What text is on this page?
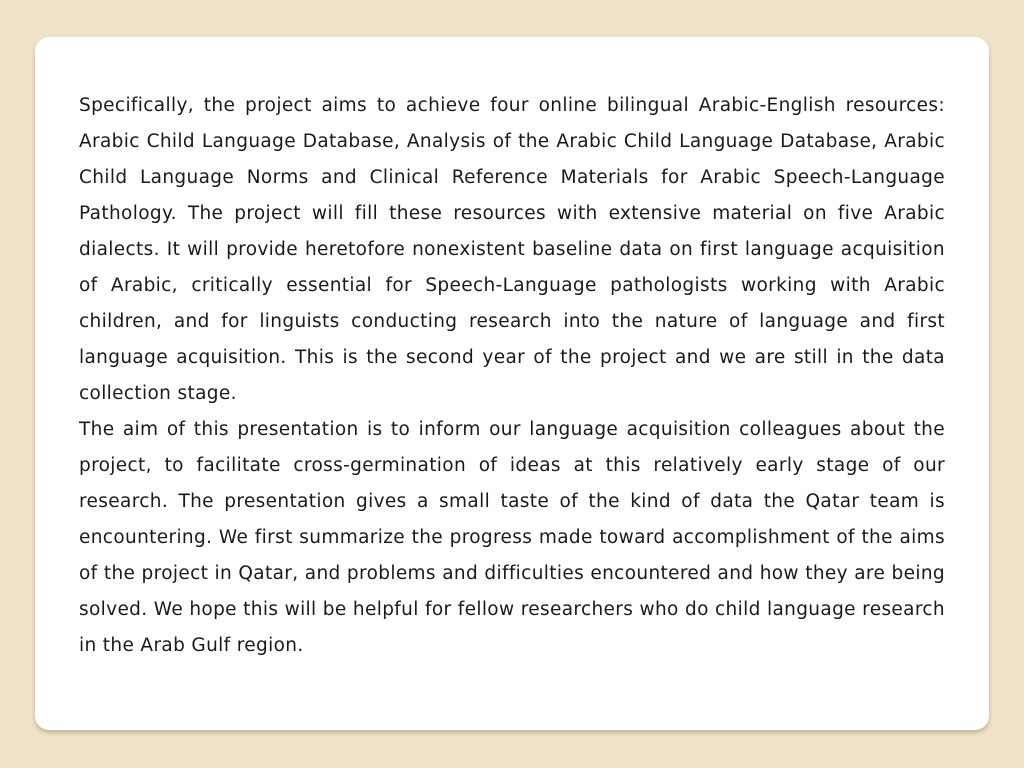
Specifically, the project aims to achieve four online bilingual Arabic-English resources: Arabic Child Language Database, Analysis of the Arabic Child Language Database, Arabic Child Language Norms and Clinical Reference Materials for Arabic Speech-Language Pathology. The project will fill these resources with extensive material on five Arabic dialects. It will provide heretofore nonexistent baseline data on first language acquisition of Arabic, critically essential for Speech-Language pathologists working with Arabic children, and for linguists conducting research into the nature of language and first language acquisition. This is the second year of the project and we are still in the data collection stage.

The aim of this presentation is to inform our language acquisition colleagues about the project, to facilitate cross-germination of ideas at this relatively early stage of our research. The presentation gives a small taste of the kind of data the Qatar team is encountering. We first summarize the progress made toward accomplishment of the aims of the project in Qatar, and problems and difficulties encountered and how they are being solved. We hope this will be helpful for fellow researchers who do child language research in the Arab Gulf region.
